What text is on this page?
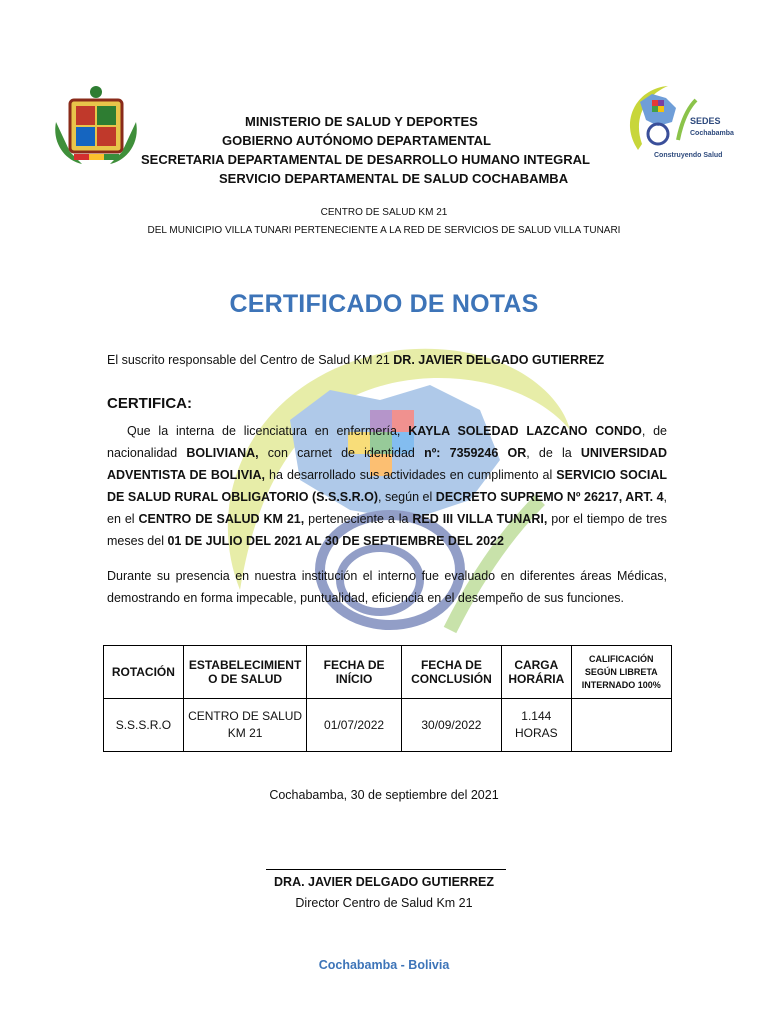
SEDES
Cochabamba
Construyendo Salud
MINISTERIO DE SALUD Y DEPORTES
GOBIERNO AUTÓNOMO DEPARTAMENTAL
SECRETARIA DEPARTAMENTAL DE DESARROLLO HUMANO INTEGRAL
SERVICIO DEPARTAMENTAL DE SALUD COCHABAMBA
CENTRO DE SALUD KM 21
DEL MUNICIPIO VILLA TUNARI PERTENECIENTE A LA RED DE SERVICIOS DE SALUD VILLA TUNARI
CERTIFICADO DE NOTAS
El suscrito responsable del Centro de Salud KM 21 DR. JAVIER DELGADO GUTIERREZ
CERTIFICA:
Que la interna de licenciatura en enfermería, KAYLA SOLEDAD LAZCANO CONDO, de nacionalidad BOLIVIANA, con carnet de identidad nº: 7359246 OR, de la UNIVERSIDAD ADVENTISTA DE BOLIVIA, ha desarrollado sus actividades en cumplimento al SERVICIO SOCIAL DE SALUD RURAL OBLIGATORIO (S.S.S.R.O), según el DECRETO SUPREMO Nº 26217, ART. 4, en el CENTRO DE SALUD KM 21, perteneciente a la RED III VILLA TUNARI, por el tiempo de tres meses del 01 DE JULIO DEL 2021 AL 30 DE SEPTIEMBRE DEL 2022
Durante su presencia en nuestra institución el interno fue evaluado en diferentes áreas Médicas, demostrando en forma impecable, puntualidad, eficiencia en el desempeño de sus funciones.
ROTACIÓN	ESTABELECIMIENT O DE SALUD	FECHA DE INÍCIO	FECHA DE CONCLUSIÓN	CARGA HORÁRIA	CALIFICACIÓN SEGÚN LIBRETA INTERNADO 100%
S.S.S.R.O	CENTRO DE SALUD KM 21	01/07/2022	30/09/2022	1.144 HORAS	
Cochabamba, 30 de septiembre del 2021
DRA. JAVIER DELGADO GUTIERREZ
Director Centro de Salud Km 21
Cochabamba - Bolivia
